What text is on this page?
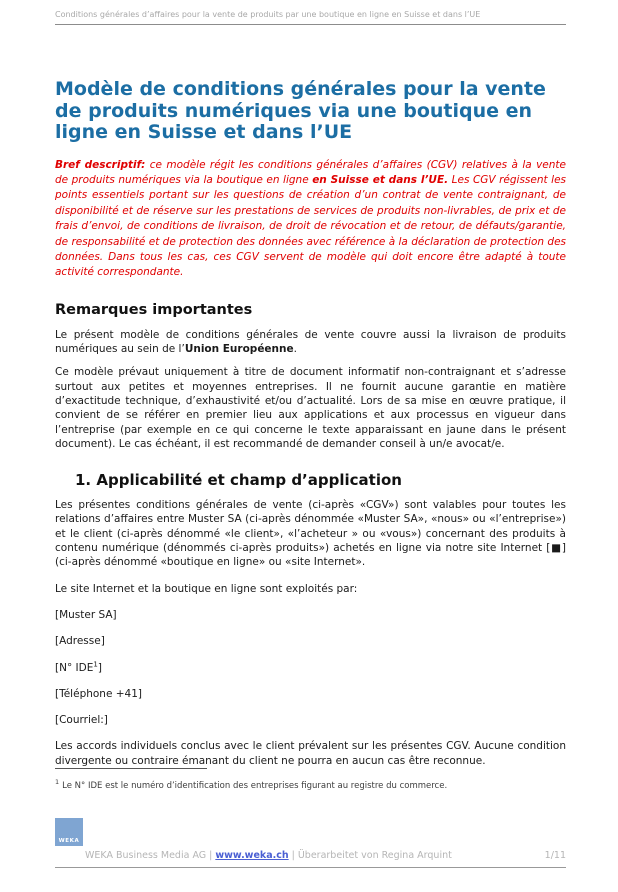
Conditions générales d’affaires pour la vente de produits par une boutique en ligne en Suisse et dans l’UE
Modèle de conditions générales pour la vente de produits numériques via une boutique en ligne en Suisse et dans l’UE

Bref descriptif: ce modèle régit les conditions générales d’affaires (CGV) relatives à la vente de produits numériques via la boutique en ligne en Suisse et dans l’UE. Les CGV régissent les points essentiels portant sur les questions de création d’un contrat de vente contraignant, de disponibilité et de réserve sur les prestations de services de produits non-livrables, de prix et de frais d’envoi, de conditions de livraison, de droit de révocation et de retour, de défauts/garantie, de responsabilité et de protection des données avec référence à la déclaration de protection des données. Dans tous les cas, ces CGV servent de modèle qui doit encore être adapté à toute activité correspondante.

Remarques importantes

Le présent modèle de conditions générales de vente couvre aussi la livraison de produits numériques au sein de l’Union Européenne.

Ce modèle prévaut uniquement à titre de document informatif non-contraignant et s’adresse surtout aux petites et moyennes entreprises. Il ne fournit aucune garantie en matière d’exactitude technique, d’exhaustivité et/ou d’actualité. Lors de sa mise en œuvre pratique, il convient de se référer en premier lieu aux applications et aux processus en vigueur dans l’entreprise (par exemple en ce qui concerne le texte apparaissant en jaune dans le présent document). Le cas échéant, il est recommandé de demander conseil à un/e avocat/e.

1. Applicabilité et champ d’application

Les présentes conditions générales de vente (ci-après «CGV») sont valables pour toutes les relations d’affaires entre Muster SA (ci-après dénommée «Muster SA», «nous» ou «l’entreprise») et le client (ci-après dénommé «le client», «l’acheteur » ou «vous») concernant des produits à contenu numérique (dénommés ci-après produits») achetés en ligne via notre site Internet [■] (ci-après dénommé «boutique en ligne» ou «site Internet».

Le site Internet et la boutique en ligne sont exploités par:

[Muster SA]

[Adresse]

[N° IDE$^1$]

[Téléphone +41]

[Courriel:]

Les accords individuels conclus avec le client prévalent sur les présentes CGV. Aucune condition divergente ou contraire émanant du client ne pourra en aucun cas être reconnue.

$^1$ Le N° IDE est le numéro d’identification des entreprises figurant au registre du commerce.

WEKA
WEKA Business Media AG | www.weka.ch | Überarbeitet von Regina Arquint	1/11
